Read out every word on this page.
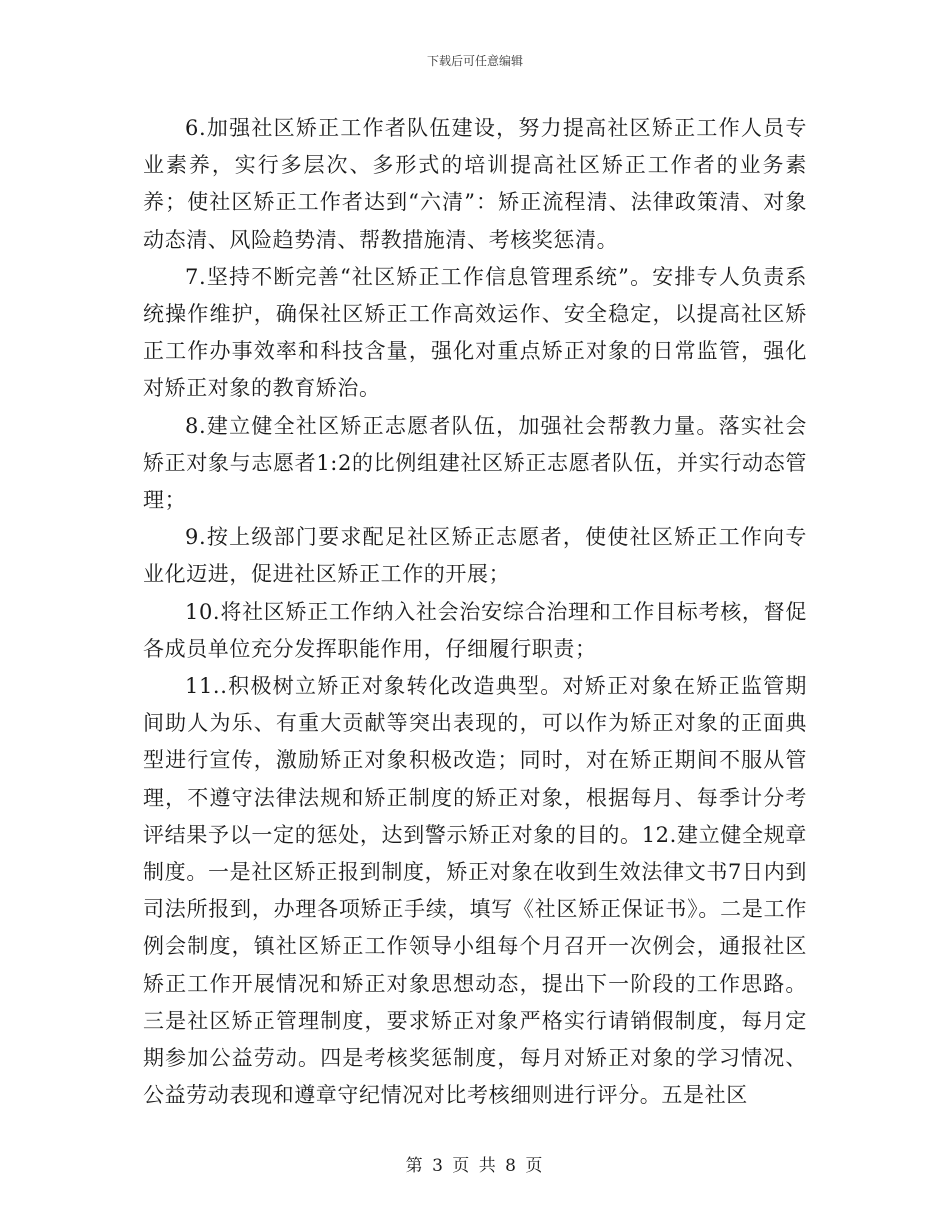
下载后可任意编辑

6.加强社区矫正工作者队伍建设，努力提高社区矫正工作人员专业素养，实行多层次、多形式的培训提高社区矫正工作者的业务素养；使社区矫正工作者达到“六清”：矫正流程清、法律政策清、对象动态清、风险趋势清、帮教措施清、考核奖惩清。

7.坚持不断完善“社区矫正工作信息管理系统”。安排专人负责系统操作维护，确保社区矫正工作高效运作、安全稳定，以提高社区矫正工作办事效率和科技含量，强化对重点矫正对象的日常监管，强化对矫正对象的教育矫治。

8.建立健全社区矫正志愿者队伍，加强社会帮教力量。落实社会矫正对象与志愿者1:2的比例组建社区矫正志愿者队伍，并实行动态管理；

9.按上级部门要求配足社区矫正志愿者，使使社区矫正工作向专业化迈进，促进社区矫正工作的开展；

10.将社区矫正工作纳入社会治安综合治理和工作目标考核，督促各成员单位充分发挥职能作用，仔细履行职责；

11..积极树立矫正对象转化改造典型。对矫正对象在矫正监管期间助人为乐、有重大贡献等突出表现的，可以作为矫正对象的正面典型进行宣传，激励矫正对象积极改造；同时，对在矫正期间不服从管理，不遵守法律法规和矫正制度的矫正对象，根据每月、每季计分考评结果予以一定的惩处，达到警示矫正对象的目的。12.建立健全规章制度。一是社区矫正报到制度，矫正对象在收到生效法律文书7日内到司法所报到，办理各项矫正手续，填写《社区矫正保证书》。二是工作例会制度，镇社区矫正工作领导小组每个月召开一次例会，通报社区矫正工作开展情况和矫正对象思想动态，提出下一阶段的工作思路。三是社区矫正管理制度，要求矫正对象严格实行请销假制度，每月定期参加公益劳动。四是考核奖惩制度，每月对矫正对象的学习情况、公益劳动表现和遵章守纪情况对比考核细则进行评分。五是社区

第 3 页 共 8 页
